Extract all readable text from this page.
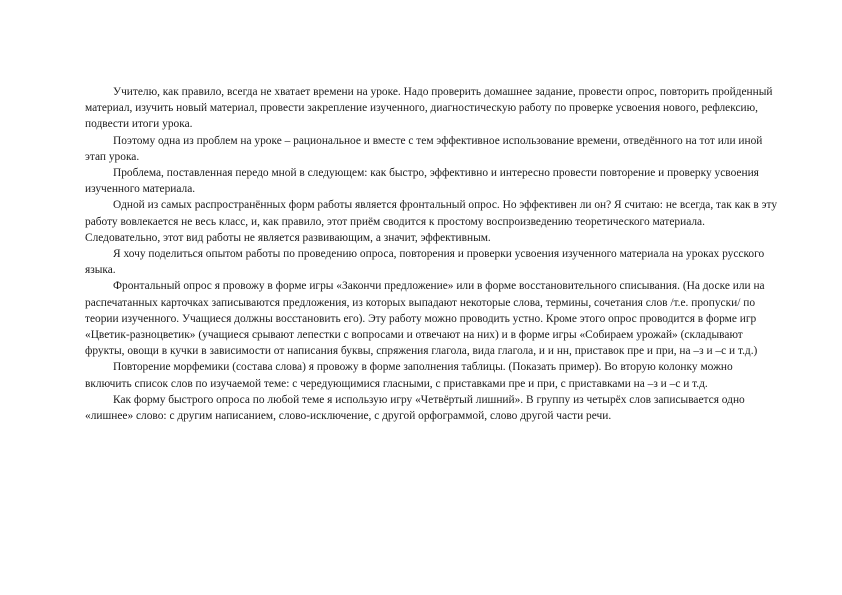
Учителю, как правило, всегда не хватает времени на уроке. Надо проверить домашнее задание, провести опрос, повторить пройденный материал, изучить новый материал, провести закрепление изученного, диагностическую работу по проверке усвоения нового, рефлексию, подвести итоги урока.

Поэтому одна из проблем на уроке – рациональное и вместе с тем эффективное использование времени, отведённого на тот или иной этап урока.

Проблема, поставленная передо мной в следующем: как быстро, эффективно и интересно провести повторение и проверку усвоения изученного материала.

Одной из самых распространённых форм работы является фронтальный опрос. Но эффективен ли он? Я считаю: не всегда, так как в эту работу вовлекается не весь класс, и, как правило, этот приём сводится к простому воспроизведению теоретического материала. Следовательно, этот вид работы не является развивающим, а значит, эффективным.

Я хочу поделиться опытом работы по проведению опроса, повторения и проверки усвоения изученного материала на уроках русского языка.

Фронтальный опрос я провожу в форме игры «Закончи предложение» или в форме восстановительного списывания. (На доске или на распечатанных карточках записываются предложения, из которых выпадают некоторые слова, термины, сочетания слов /т.е. пропуски/ по теории изученного. Учащиеся должны восстановить его). Эту работу можно проводить устно. Кроме этого опрос проводится в форме игр «Цветик-разноцветик» (учащиеся срывают лепестки с вопросами и отвечают на них) и в форме игры «Собираем урожай» (складывают фрукты, овощи в кучки в зависимости от написания буквы, спряжения глагола, вида глагола, и и нн, приставок пре и при, на –з и –с и т.д.)

Повторение морфемики (состава слова) я провожу в форме заполнения таблицы. (Показать пример). Во вторую колонку можно включить список слов по изучаемой теме: с чередующимися гласными, с приставками пре и при, с приставками на –з и –с и т.д.

Как форму быстрого опроса по любой теме я использую игру «Четвёртый лишний». В группу из четырёх слов записывается одно «лишнее» слово: с другим написанием, слово-исключение, с другой орфограммой, слово другой части речи.
